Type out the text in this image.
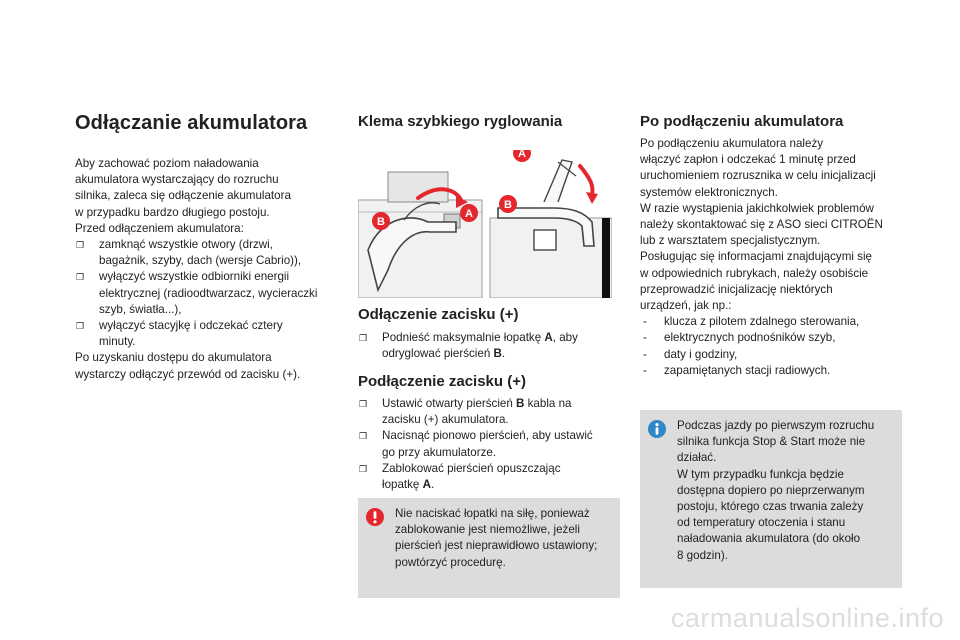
Odłączanie akumulatora

Aby zachować poziom naładowania

akumulatora wystarczający do rozruchu

silnika, zaleca się odłączenie akumulatora

w przypadku bardzo długiego postoju.

Przed odłączeniem akumulatora:

❒ zamknąć wszystkie otwory (drzwi,
bagażnik, szyby, dach (wersje Cabrio)),
❒ wyłączyć wszystkie odbiorniki energii
elektrycznej (radioodtwarzacz, wycieraczki
szyb, światła...),
❒ wyłączyć stacyjkę i odczekać cztery
minuty.

Po uzyskaniu dostępu do akumulatora

wystarczy odłączyć przewód od zacisku (+).

Klema szybkiego ryglowania
B
A
A
B
Odłączenie zacisku (+)
❒ Podnieść maksymalnie łopatkę A, aby
odryglować pierścień B.
Podłączenie zacisku (+)
❒ Ustawić otwarty pierścień B kabla na
zacisku (+) akumulatora.
❒ Nacisnąć pionowo pierścień, aby ustawić
go przy akumulatorze.
❒ Zablokować pierścień opuszczając
łopatkę A.
Nie naciskać łopatki na siłę, ponieważ
zablokowanie jest niemożliwe, jeżeli
pierścień jest nieprawidłowo ustawiony;
powtórzyć procedurę.
Po podłączeniu akumulatora

Po podłączeniu akumulatora należy

włączyć zapłon i odczekać 1 minutę przed

uruchomieniem rozrusznika w celu inicjalizacji

systemów elektronicznych.

W razie wystąpienia jakichkolwiek problemów

należy skontaktować się z ASO sieci CITROËN

lub z warsztatem specjalistycznym.

Posługując się informacjami znajdującymi się

w odpowiednich rubrykach, należy osobiście

przeprowadzić inicjalizację niektórych

urządzeń, jak np.:

- klucza z pilotem zdalnego sterowania,
- elektrycznych podnośników szyb,
- daty i godziny,
- zapamiętanych stacji radiowych.
Podczas jazdy po pierwszym rozruchu
silnika funkcja Stop & Start może nie
działać.
W tym przypadku funkcja będzie
dostępna dopiero po nieprzerwanym
postoju, którego czas trwania zależy
od temperatury otoczenia i stanu
naładowania akumulatora (do około
8 godzin).
carmanualsonline.info
